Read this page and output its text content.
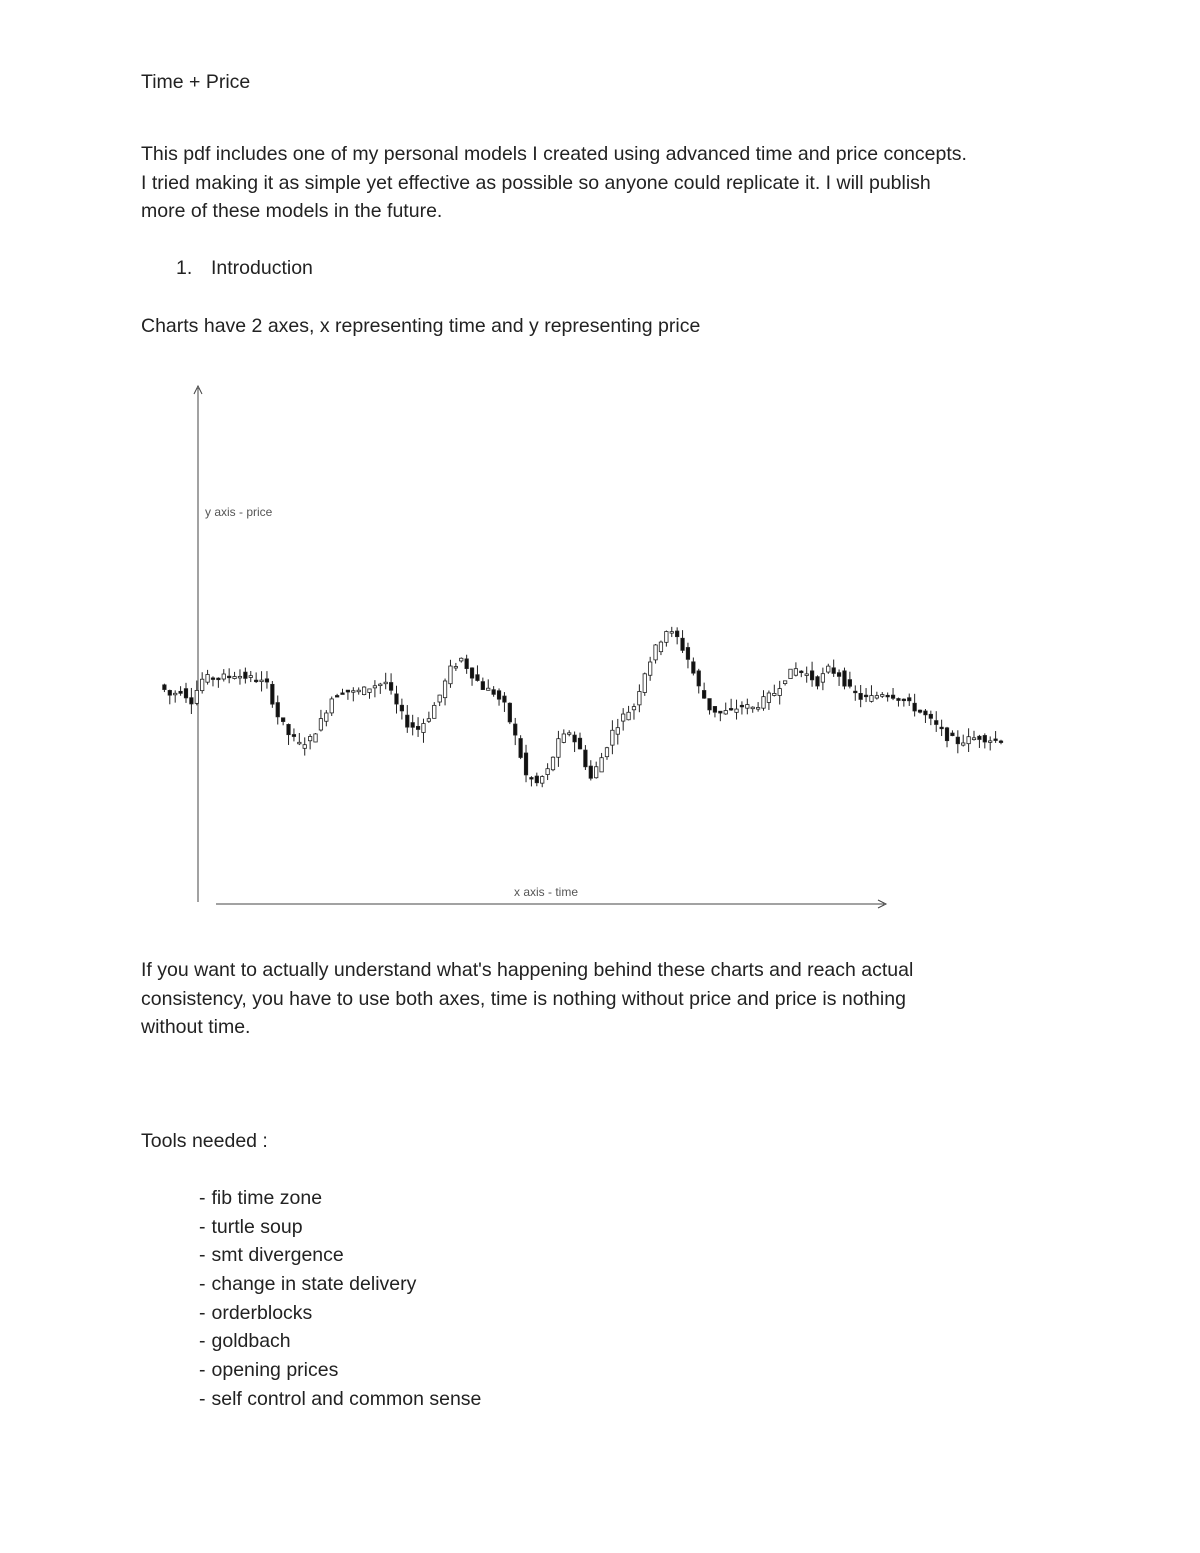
Time + Price

This pdf includes one of my personal models I created using advanced time and price concepts.
I tried making it as simple yet effective as possible so anyone could replicate it. I will publish
more of these models in the future.

1. Introduction

Charts have 2 axes, x representing time and y representing price

y axis - price
x axis - time
If you want to actually understand what's happening behind these charts and reach actual
consistency, you have to use both axes, time is nothing without price and price is nothing
without time.

Tools needed :

- fib time zone
- turtle soup
- smt divergence
- change in state delivery
- orderblocks
- goldbach
- opening prices
- self control and common sense
